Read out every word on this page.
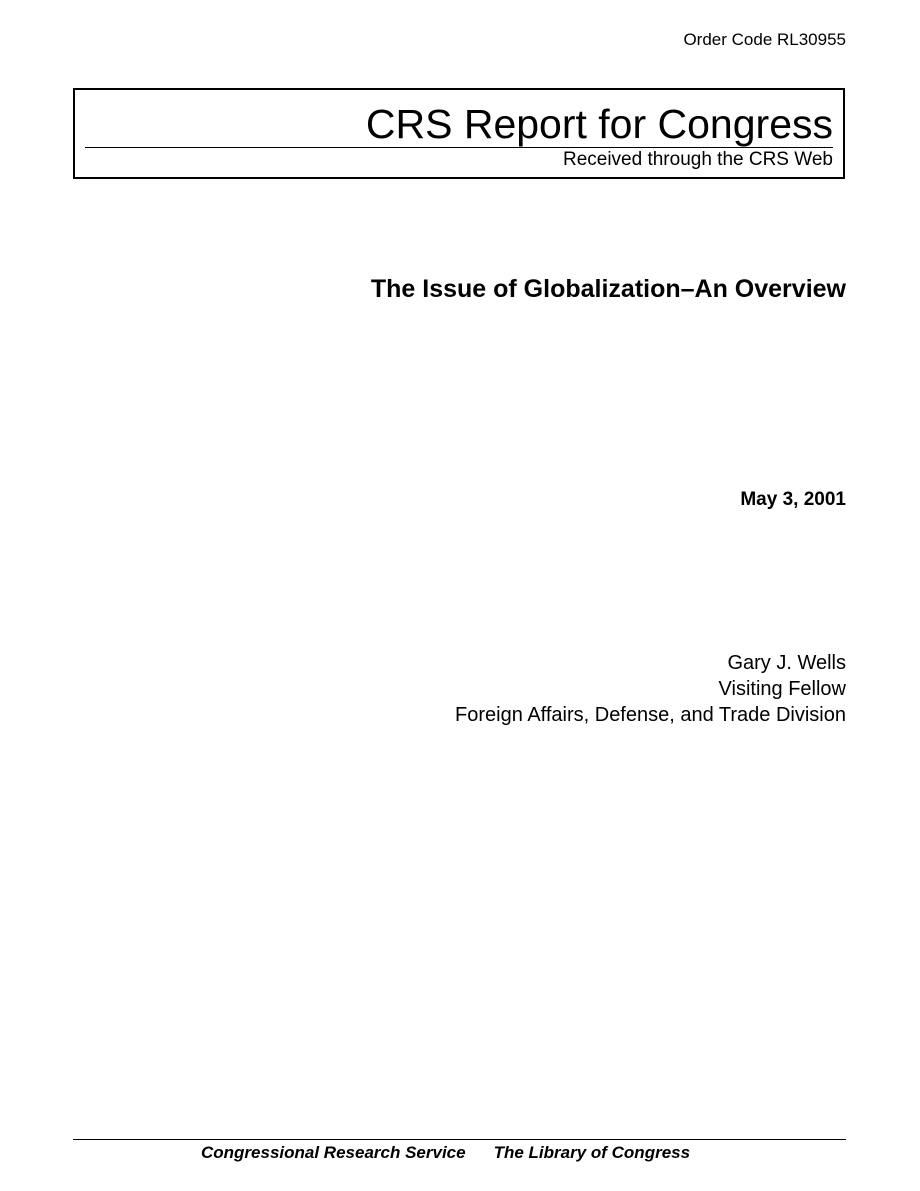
Order Code RL30955
CRS Report for Congress
Received through the CRS Web
The Issue of Globalization–An Overview
May 3, 2001
Gary J. Wells
Visiting Fellow
Foreign Affairs, Defense, and Trade Division
Congressional Research Service The Library of Congress
